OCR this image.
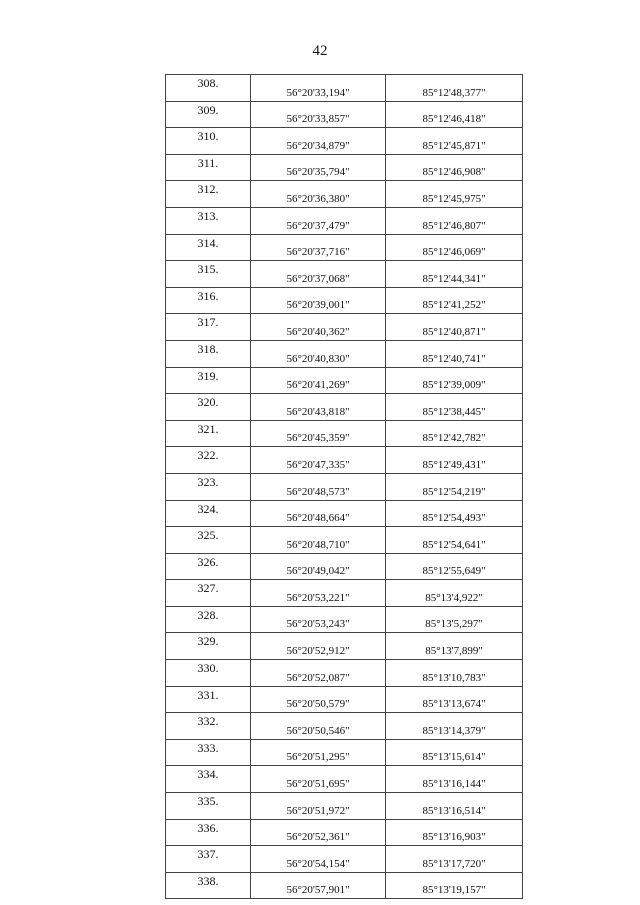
42
308.	56°20'33,194"	85°12'48,377"
309.	56°20'33,857"	85°12'46,418"
310.	56°20'34,879"	85°12'45,871"
311.	56°20'35,794"	85°12'46,908"
312.	56°20'36,380"	85°12'45,975"
313.	56°20'37,479"	85°12'46,807"
314.	56°20'37,716"	85°12'46,069"
315.	56°20'37,068"	85°12'44,341"
316.	56°20'39,001"	85°12'41,252"
317.	56°20'40,362"	85°12'40,871"
318.	56°20'40,830"	85°12'40,741"
319.	56°20'41,269"	85°12'39,009"
320.	56°20'43,818"	85°12'38,445"
321.	56°20'45,359"	85°12'42,782"
322.	56°20'47,335"	85°12'49,431"
323.	56°20'48,573"	85°12'54,219"
324.	56°20'48,664"	85°12'54,493"
325.	56°20'48,710"	85°12'54,641"
326.	56°20'49,042"	85°12'55,649"
327.	56°20'53,221"	85°13'4,922"
328.	56°20'53,243"	85°13'5,297"
329.	56°20'52,912"	85°13'7,899"
330.	56°20'52,087"	85°13'10,783"
331.	56°20'50,579"	85°13'13,674"
332.	56°20'50,546"	85°13'14,379"
333.	56°20'51,295"	85°13'15,614"
334.	56°20'51,695"	85°13'16,144"
335.	56°20'51,972"	85°13'16,514"
336.	56°20'52,361"	85°13'16,903"
337.	56°20'54,154"	85°13'17,720"
338.	56°20'57,901"	85°13'19,157"
